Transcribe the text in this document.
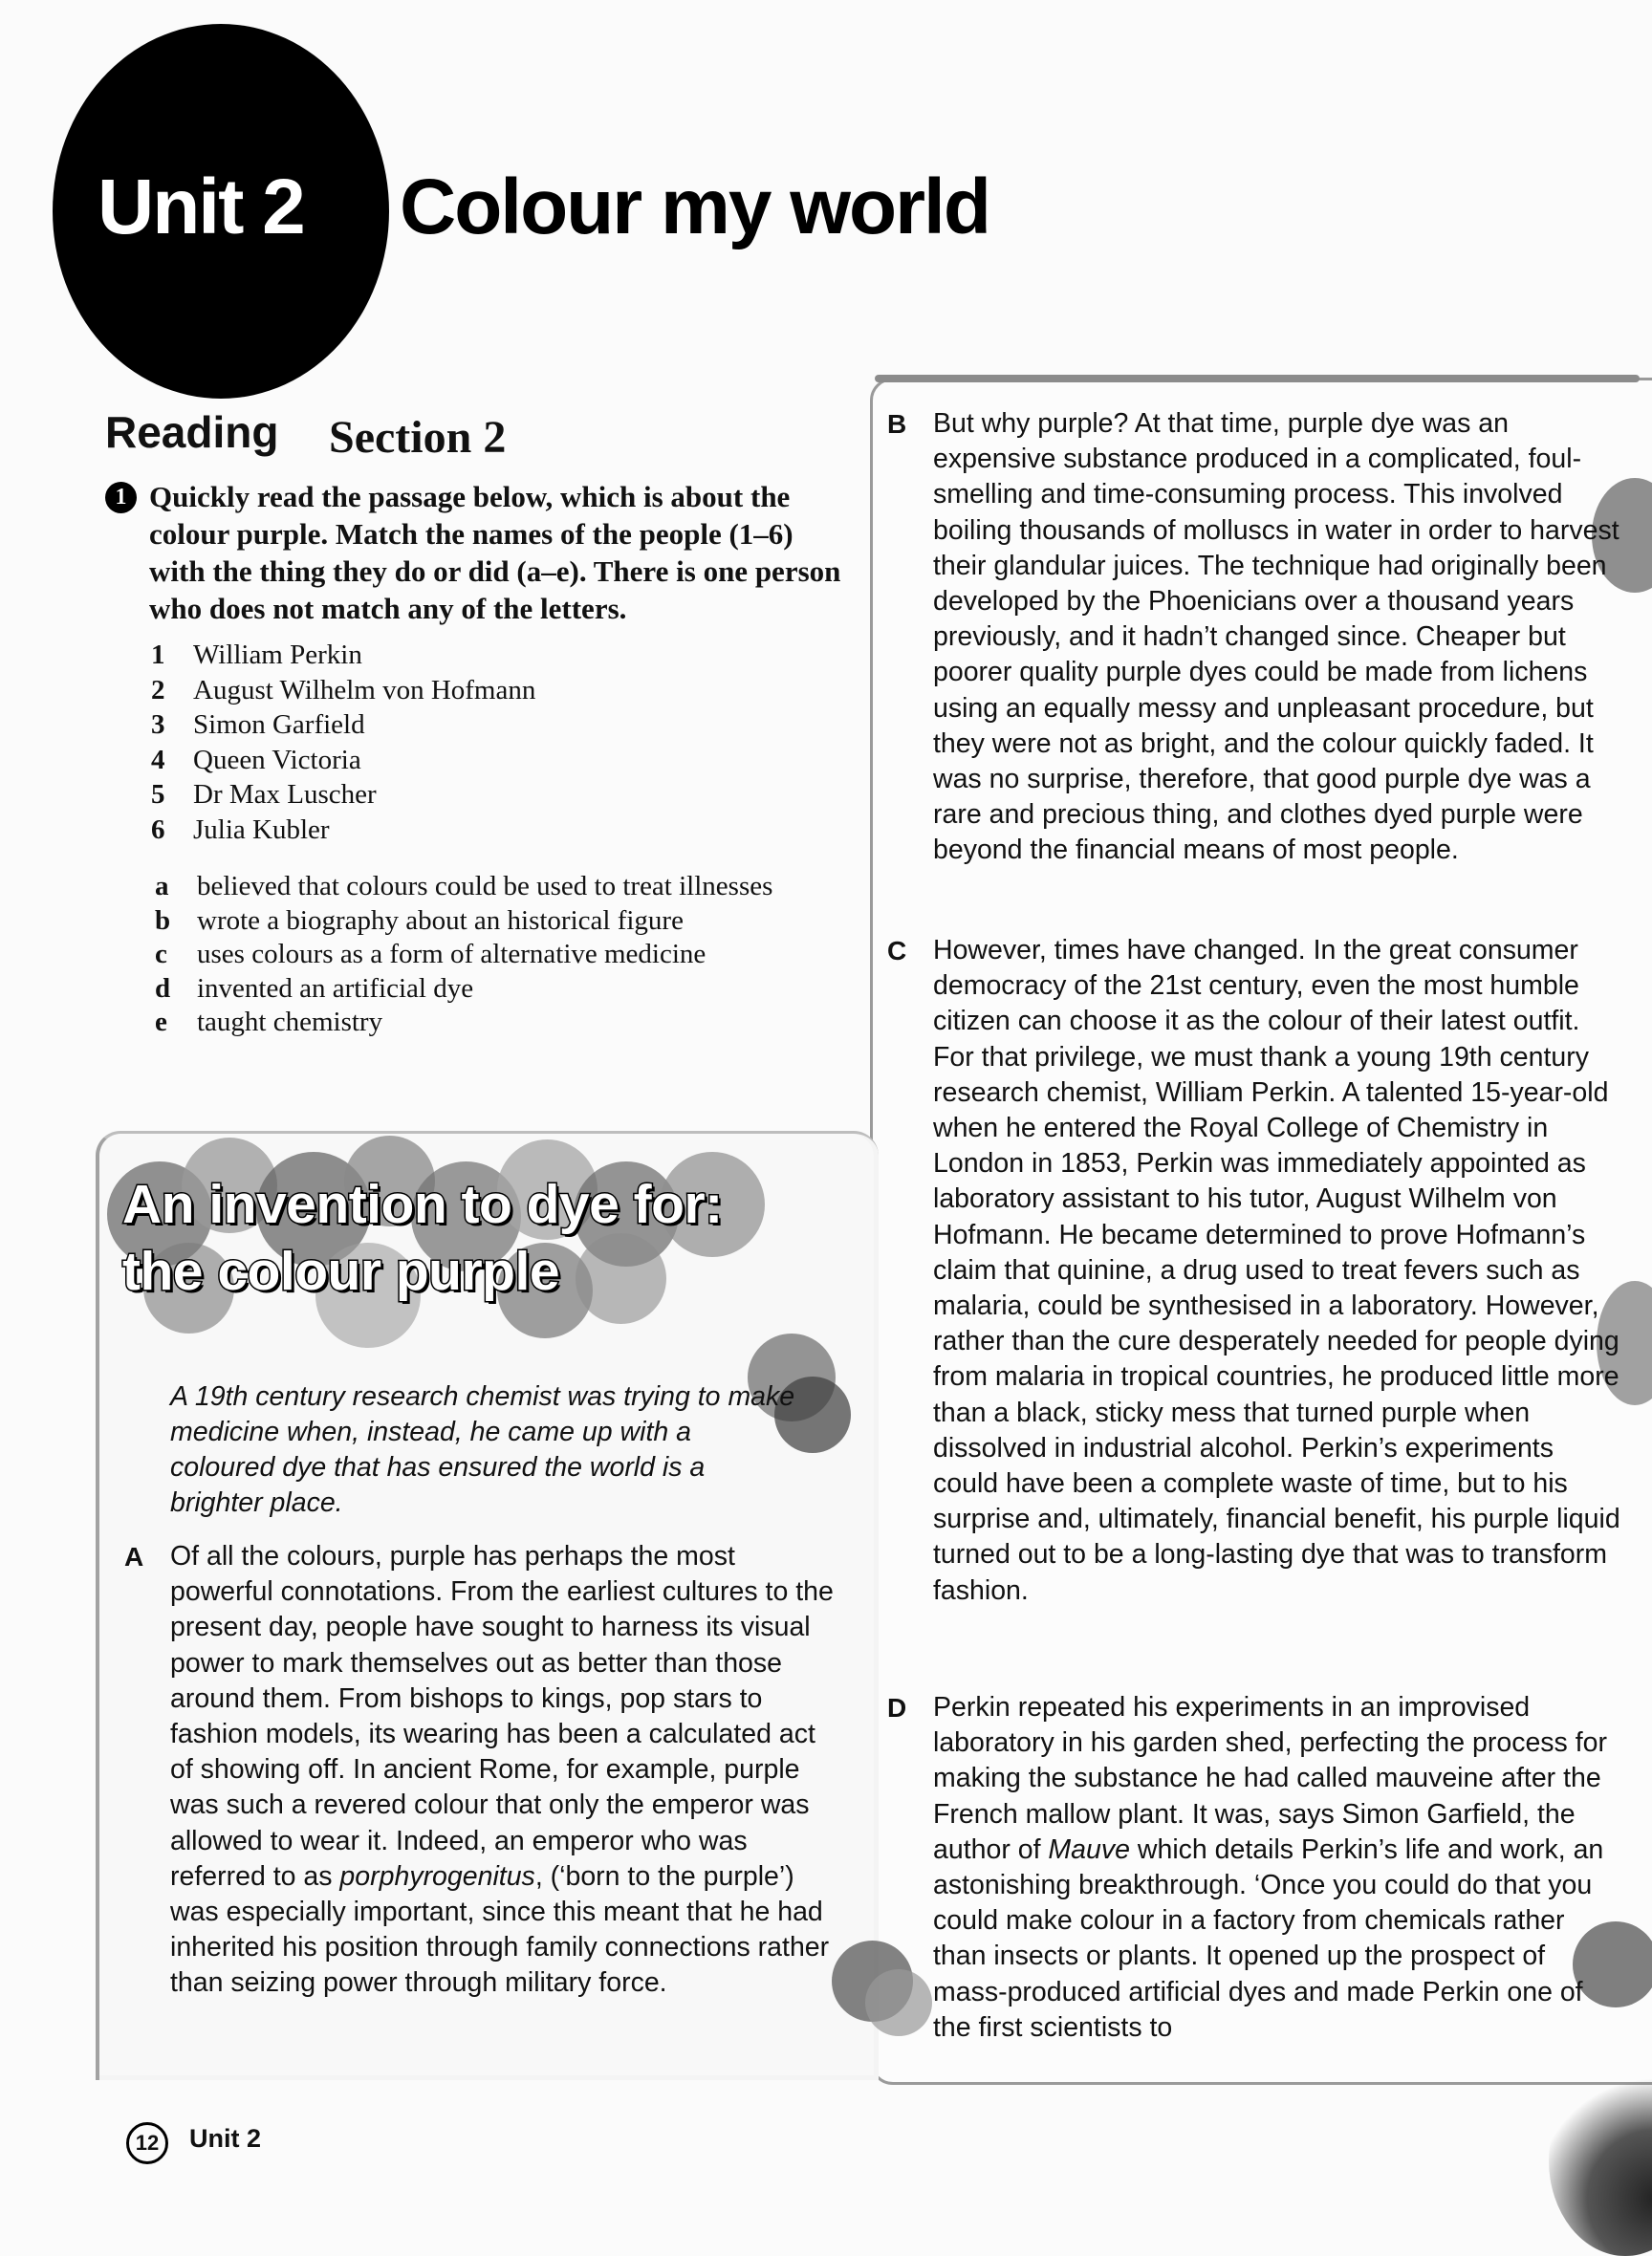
Unit 2 Colour my world
Reading Section 2
1 Quickly read the passage below, which is about the colour purple. Match the names of the people (1–6) with the thing they do or did (a–e). There is one person who does not match any of the letters.
1	William Perkin
2	August Wilhelm von Hofmann
3	Simon Garfield
4	Queen Victoria
5	Dr Max Luscher
6	Julia Kubler
a	believed that colours could be used to treat illnesses
b wrote a biography about an historical figure
c	uses colours as a form of alternative medicine
d invented an artificial dye
e	taught chemistry
An invention to dye for:
the colour purple
A 19th century research chemist was trying to make medicine when, instead, he came up with a coloured dye that has ensured the world is a brighter place.
A Of all the colours, purple has perhaps the most powerful connotations. From the earliest cultures to the present day, people have sought to harness its visual power to mark themselves out as better than those around them. From bishops to kings, pop stars to fashion models, its wearing has been a calculated act of showing off. In ancient Rome, for example, purple was such a revered colour that only the emperor was allowed to wear it. Indeed, an emperor who was referred to as porphyrogenitus, (‘born to the purple’) was especially important, since this meant that he had inherited his position through family connections rather than seizing power through military force.
B But why purple? At that time, purple dye was an expensive substance produced in a complicated, foul-smelling and time-consuming process. This involved boiling thousands of molluscs in water in order to harvest their glandular juices. The technique had originally been developed by the Phoenicians over a thousand years previously, and it hadn’t changed since. Cheaper but poorer quality purple dyes could be made from lichens using an equally messy and unpleasant procedure, but they were not as bright, and the colour quickly faded. It was no surprise, therefore, that good purple dye was a rare and precious thing, and clothes dyed purple were beyond the financial means of most people.
C However, times have changed. In the great consumer democracy of the 21st century, even the most humble citizen can choose it as the colour of their latest outfit. For that privilege, we must thank a young 19th century research chemist, William Perkin. A talented 15-year-old when he entered the Royal College of Chemistry in London in 1853, Perkin was immediately appointed as laboratory assistant to his tutor, August Wilhelm von Hofmann. He became determined to prove Hofmann’s claim that quinine, a drug used to treat fevers such as malaria, could be synthesised in a laboratory. However, rather than the cure desperately needed for people dying from malaria in tropical countries, he produced little more than a black, sticky mess that turned purple when dissolved in industrial alcohol. Perkin’s experiments could have been a complete waste of time, but to his surprise and, ultimately, financial benefit, his purple liquid turned out to be a long-lasting dye that was to transform fashion.
D Perkin repeated his experiments in an improvised laboratory in his garden shed, perfecting the process for making the substance he had called mauveine after the French mallow plant. It was, says Simon Garfield, the author of Mauve which details Perkin’s life and work, an astonishing breakthrough. ‘Once you could do that you could make colour in a factory from chemicals rather than insects or plants. It opened up the prospect of mass-produced artificial dyes and made Perkin one of the first scientists to
12	Unit 2
